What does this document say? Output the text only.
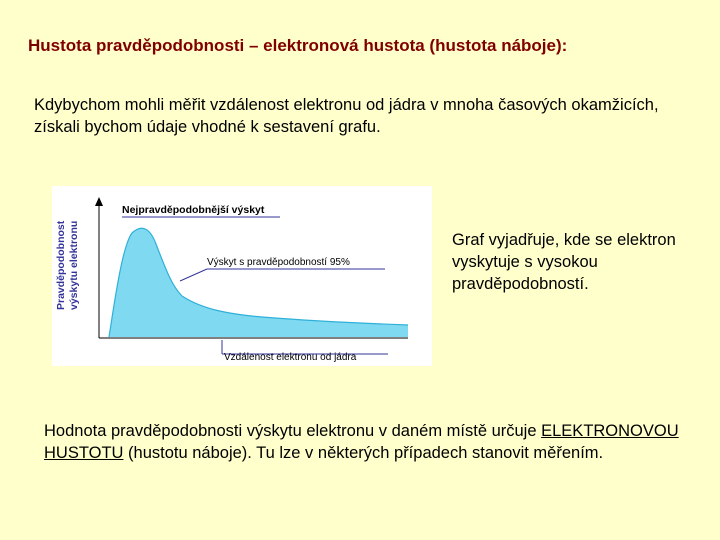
Hustota pravděpodobnosti – elektronová hustota (hustota náboje):
Kdybychom mohli měřit vzdálenost elektronu od jádra v mnoha časových okamžicích, získali bychom údaje vhodné k sestavení grafu.
Pravděpodobnost výskytu elektronu
Nejpravděpodobnější výskyt
Výskyt s pravděpodobností 95%
Vzdálenost elektronu od jádra
Graf vyjadřuje, kde se elektron vyskytuje s vysokou pravděpodobností.
Hodnota pravděpodobnosti výskytu elektronu v daném místě určuje ELEKTRONOVOU HUSTOTU (hustotu náboje). Tu lze v některých případech stanovit měřením.
